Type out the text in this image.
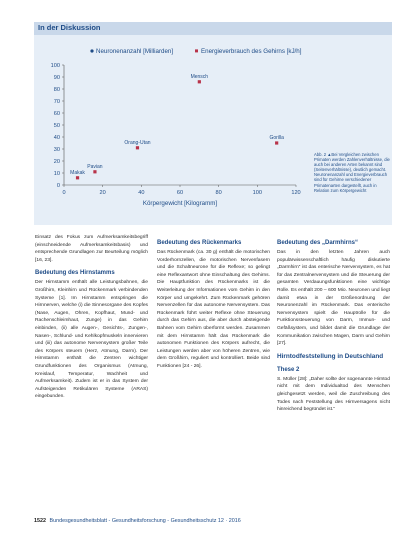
In der Diskussion
0
10
20
30
40
50
60
70
80
90
100
0	20	40	60	80	100	120
Körpergewicht [Kilogramm]
Neuronenanzahl [Milliarden]	Energieverbrauch des Gehirns [kJ/h]
Mensch
Orang-Utan
Gorilla
Pavian
Makak
Abb. 2 ▲Bei Vergleichen zwischen Primaten werden Zahlenverhältnisse, die auch bei anderen Arten bekannt sind (Seitenverhältnisse), deutlich gemacht. Neuronenanzahl und Energieverbrauch sind für Gehirne verschiedener Primatenarten dargestellt, auch in Relation zum Körpergewicht

Einsatz des Fokus zum Aufmerksamkeitsbegriff (einschneidende Aufmerksamkeitsbasis) und entsprechende Grundlagen zur Beurteilung möglich [16, 23].

Bedeutung des Hirnstamms

Der Hirnstamm enthält alle Leistungsbahnen, die Großhirn, Kleinhirn und Rückenmark verbindenden Systeme [1]. Im Hirnstamm entspringen die Hirnnerven, welche (i) die Sinnesorgane des Kopfes (Nase, Augen, Ohren, Kopfhaut, Mund- und Rachenschleimhaut, Zunge) in das Gehirn einbinden, (ii) alle Augen-, Gesichts-, Zungen-, Nasen-, Schlund- und Kehlkopfmuskeln innervieren und (iii) das autonome Nervensystem großer Teile des Körpers steuern (Herz, Atmung, Darm). Der Hirnstamm enthält die Zentren wichtiger Grundfunktionen des Organismus (Atmung, Kreislauf, Temperatur, Wachheit und Aufmerksamkeit). Zudem ist er in das System der Aufsteigenden Retikulären Systeme (ARAS) eingebunden.

Bedeutung des Rückenmarks

Das Rückenmark (ca. 30 g) enthält die motorischen Vorderhornzellen, die motorischen Nervenfasern und die Schaltneurone für die Reflexe; so gelingt eine Reflexantwort ohne Einschaltung des Gehirns. Die Hauptfunktion des Rückenmarks ist die Weiterleitung der Informationen vom Gehirn in den Körper und umgekehrt. Zum Rückenmark gehören Nervenzellen für das autonome Nervensystem. Das Rückenmark führt weiter Reflexe ohne Steuerung durch das Gehirn aus, die aber durch absteigende Bahnen vom Gehirn überformt werden. Zusammen mit dem Hirnstamm hält das Rückenmark die autonomen Funktionen des Körpers aufrecht, die Leistungen werden aber von höheren Zentren, wie dem Großhirn, reguliert und kontrolliert. Beide sind Funktionen [24 - 26].

Bedeutung des „Darmhirns“

Das in den letzten Jahren auch populärwissenschaftlich häufig diskutierte „Darmhirn“ ist das enterische Nervensystem, es hat für das Zentralnervensystem und die Steuerung der gesamten Verdauungsfunktionen eine wichtige Rolle. Es enthält 200 – 600 Mio. Neuronen und liegt damit etwa in der Größenordnung der Neuronenzahl im Rückenmark. Das enterische Nervensystem spielt die Hauptrolle für die Funktionssteuerung von Darm, Immun- und Gefäßsystem, und bildet damit die Grundlage der Kommunikation zwischen Magen, Darm und Gehirn [27].

Hirntodfeststellung in Deutschland
These 2

S. Müller [28]: „Daher sollte der sogenannte Hirntod nicht mit dem Individualtod des Menschen gleichgesetzt werden, weil die Zuschreibung des Todes nach Feststellung des Hirnversagens nicht hinreichend begründet ist.“

1522 Bundesgesundheitsblatt - Gesundheitsforschung - Gesundheitsschutz 12 · 2016
